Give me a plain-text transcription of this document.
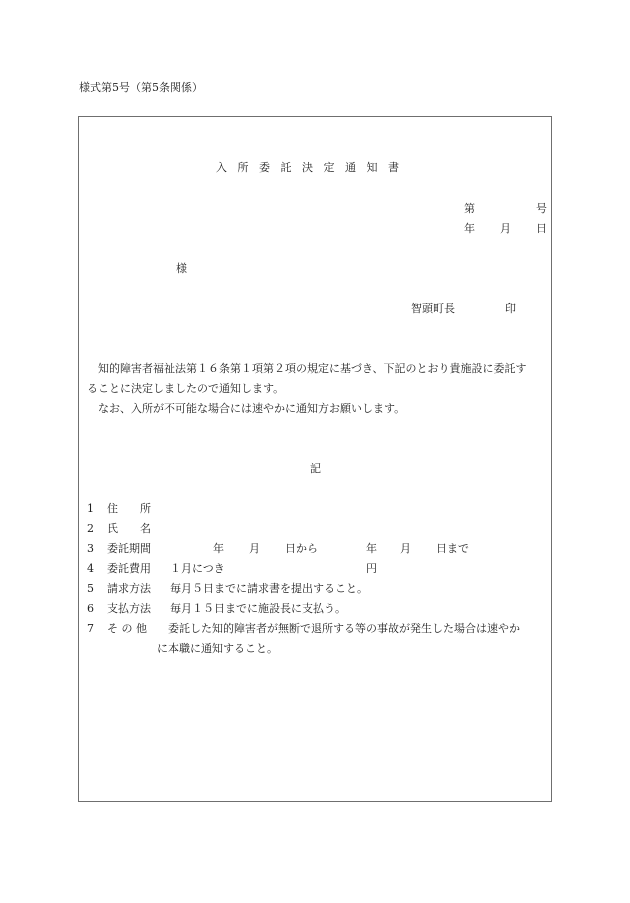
様式第5号（第5条関係）
入所委託決定通知書
第	号
年 月 日
様
智頭町長	印
　知的障害者福祉法第１６条第１項第２項の規定に基づき、下記のとおり貴施設に委託す
ることに決定しましたので通知します。
　なお、入所が不可能な場合には速やかに通知方お願いします。
記
1 住　　所
2 氏　　名
3 委託期間	年 月 日から	年 月 日まで
4 委託費用 １月につき	円
5 請求方法 毎月５日までに請求書を提出すること。
6 支払方法 毎月１５日までに施設長に支払う。
7 そ の 他 委託した知的障害者が無断で退所する等の事故が発生した場合は速やか
に本職に通知すること。
